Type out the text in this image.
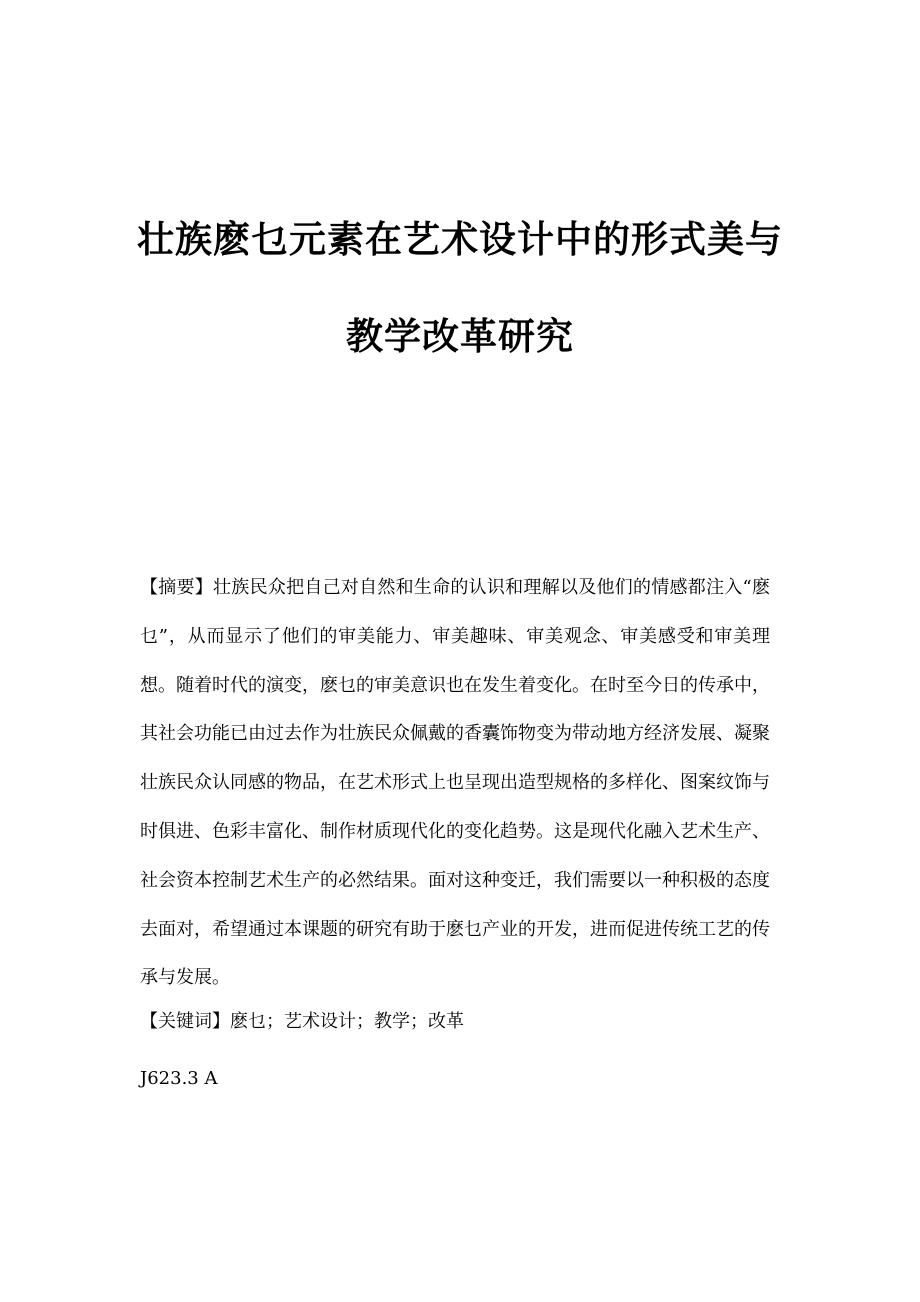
壮族麽乜元素在艺术设计中的形式美与
教学改革研究

【摘要】壮族民众把自己对自然和生命的认识和理解以及他们的情感都注入“麽乜”，从而显示了他们的审美能力、审美趣味、审美观念、审美感受和审美理想。随着时代的演变，麽乜的审美意识也在发生着变化。在时至今日的传承中，其社会功能已由过去作为壮族民众佩戴的香囊饰物变为带动地方经济发展、凝聚壮族民众认同感的物品，在艺术形式上也呈现出造型规格的多样化、图案纹饰与时俱进、色彩丰富化、制作材质现代化的变化趋势。这是现代化融入艺术生产、社会资本控制艺术生产的必然结果。面对这种变迁，我们需要以一种积极的态度去面对，希望通过本课题的研究有助于麽乜产业的开发，进而促进传统工艺的传承与发展。

【关键词】麽乜；艺术设计；教学；改革

J623.3 A
